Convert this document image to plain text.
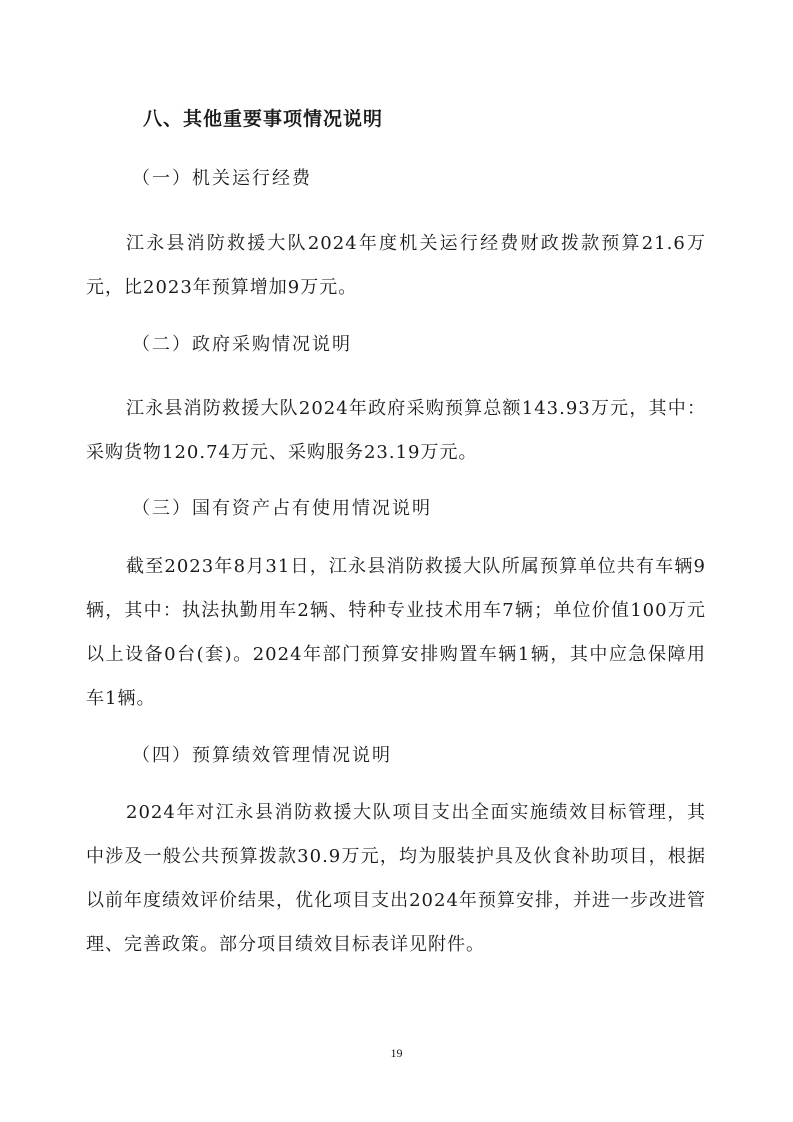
八、其他重要事项情况说明
（一）机关运行经费

江永县消防救援大队2024年度机关运行经费财政拨款预算21.6万元，比2023年预算增加9万元。

（二）政府采购情况说明

江永县消防救援大队2024年政府采购预算总额143.93万元，其中：采购货物120.74万元、采购服务23.19万元。

（三）国有资产占有使用情况说明

截至2023年8月31日，江永县消防救援大队所属预算单位共有车辆9辆，其中：执法执勤用车2辆、特种专业技术用车7辆；单位价值100万元以上设备0台(套)。2024年部门预算安排购置车辆1辆，其中应急保障用车1辆。

（四）预算绩效管理情况说明

2024年对江永县消防救援大队项目支出全面实施绩效目标管理，其中涉及一般公共预算拨款30.9万元，均为服装护具及伙食补助项目，根据以前年度绩效评价结果，优化项目支出2024年预算安排，并进一步改进管理、完善政策。部分项目绩效目标表详见附件。

19
